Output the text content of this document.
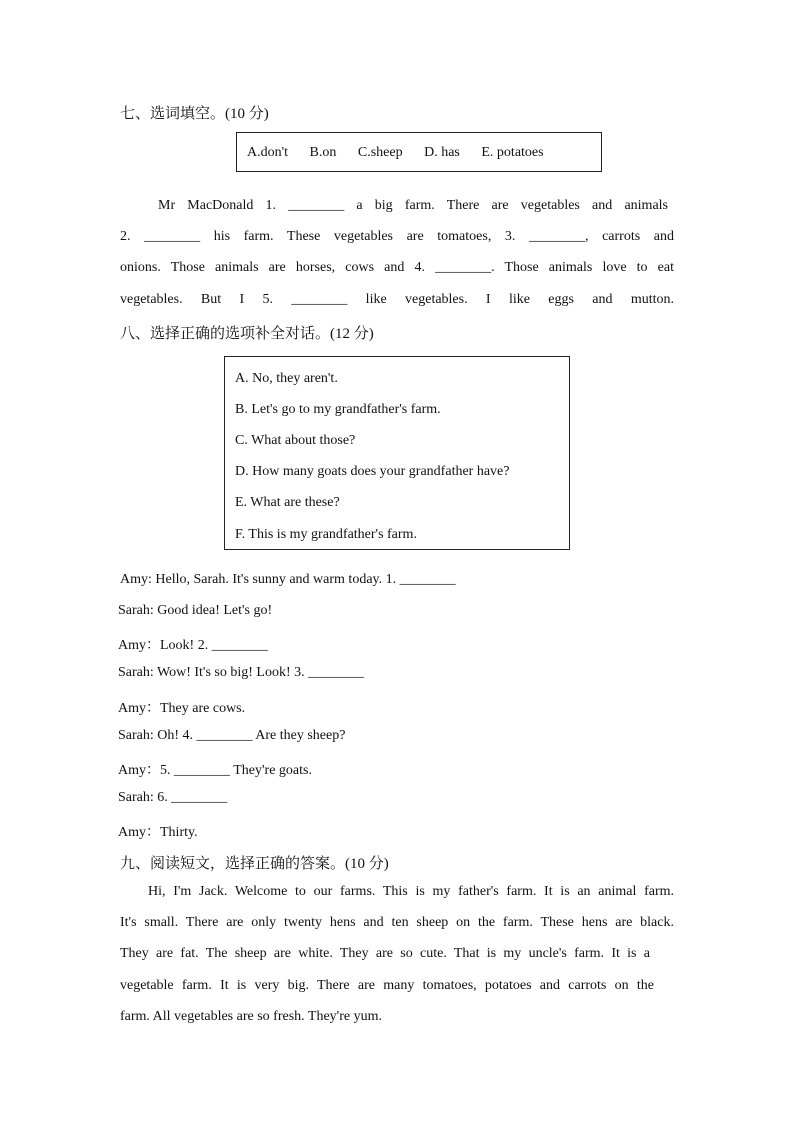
七、选词填空。(10 分)
A.don't B.on C.sheep D. has E. potatoes
Mr MacDonald 1. ________ a big farm. There are vegetables and animals
2. ________ his farm. These vegetables are tomatoes, 3. ________, carrots and
onions. Those animals are horses, cows and 4. ________. Those animals love to eat
vegetables. But I 5. ________ like vegetables. I like eggs and mutton.
八、选择正确的选项补全对话。(12 分)
A. No, they aren't.
B. Let's go to my grandfather's farm.
C. What about those?
D. How many goats does your grandfather have?
E. What are these?
F. This is my grandfather's farm.
Amy: Hello, Sarah. It's sunny and warm today. 1. ________
Sarah: Good idea! Let's go!
Amy：Look! 2. ________
Sarah: Wow! It's so big! Look! 3. ________
Amy：They are cows.
Sarah: Oh! 4. ________ Are they sheep?
Amy：5. ________ They're goats.
Sarah: 6. ________
Amy：Thirty.
九、阅读短文，选择正确的答案。(10 分)
Hi, I'm Jack. Welcome to our farms. This is my father's farm. It is an animal farm.
It's small. There are only twenty hens and ten sheep on the farm. These hens are black.
They are fat. The sheep are white. They are so cute. That is my uncle's farm. It is a
vegetable farm. It is very big. There are many tomatoes, potatoes and carrots on the
farm. All vegetables are so fresh. They're yum.
